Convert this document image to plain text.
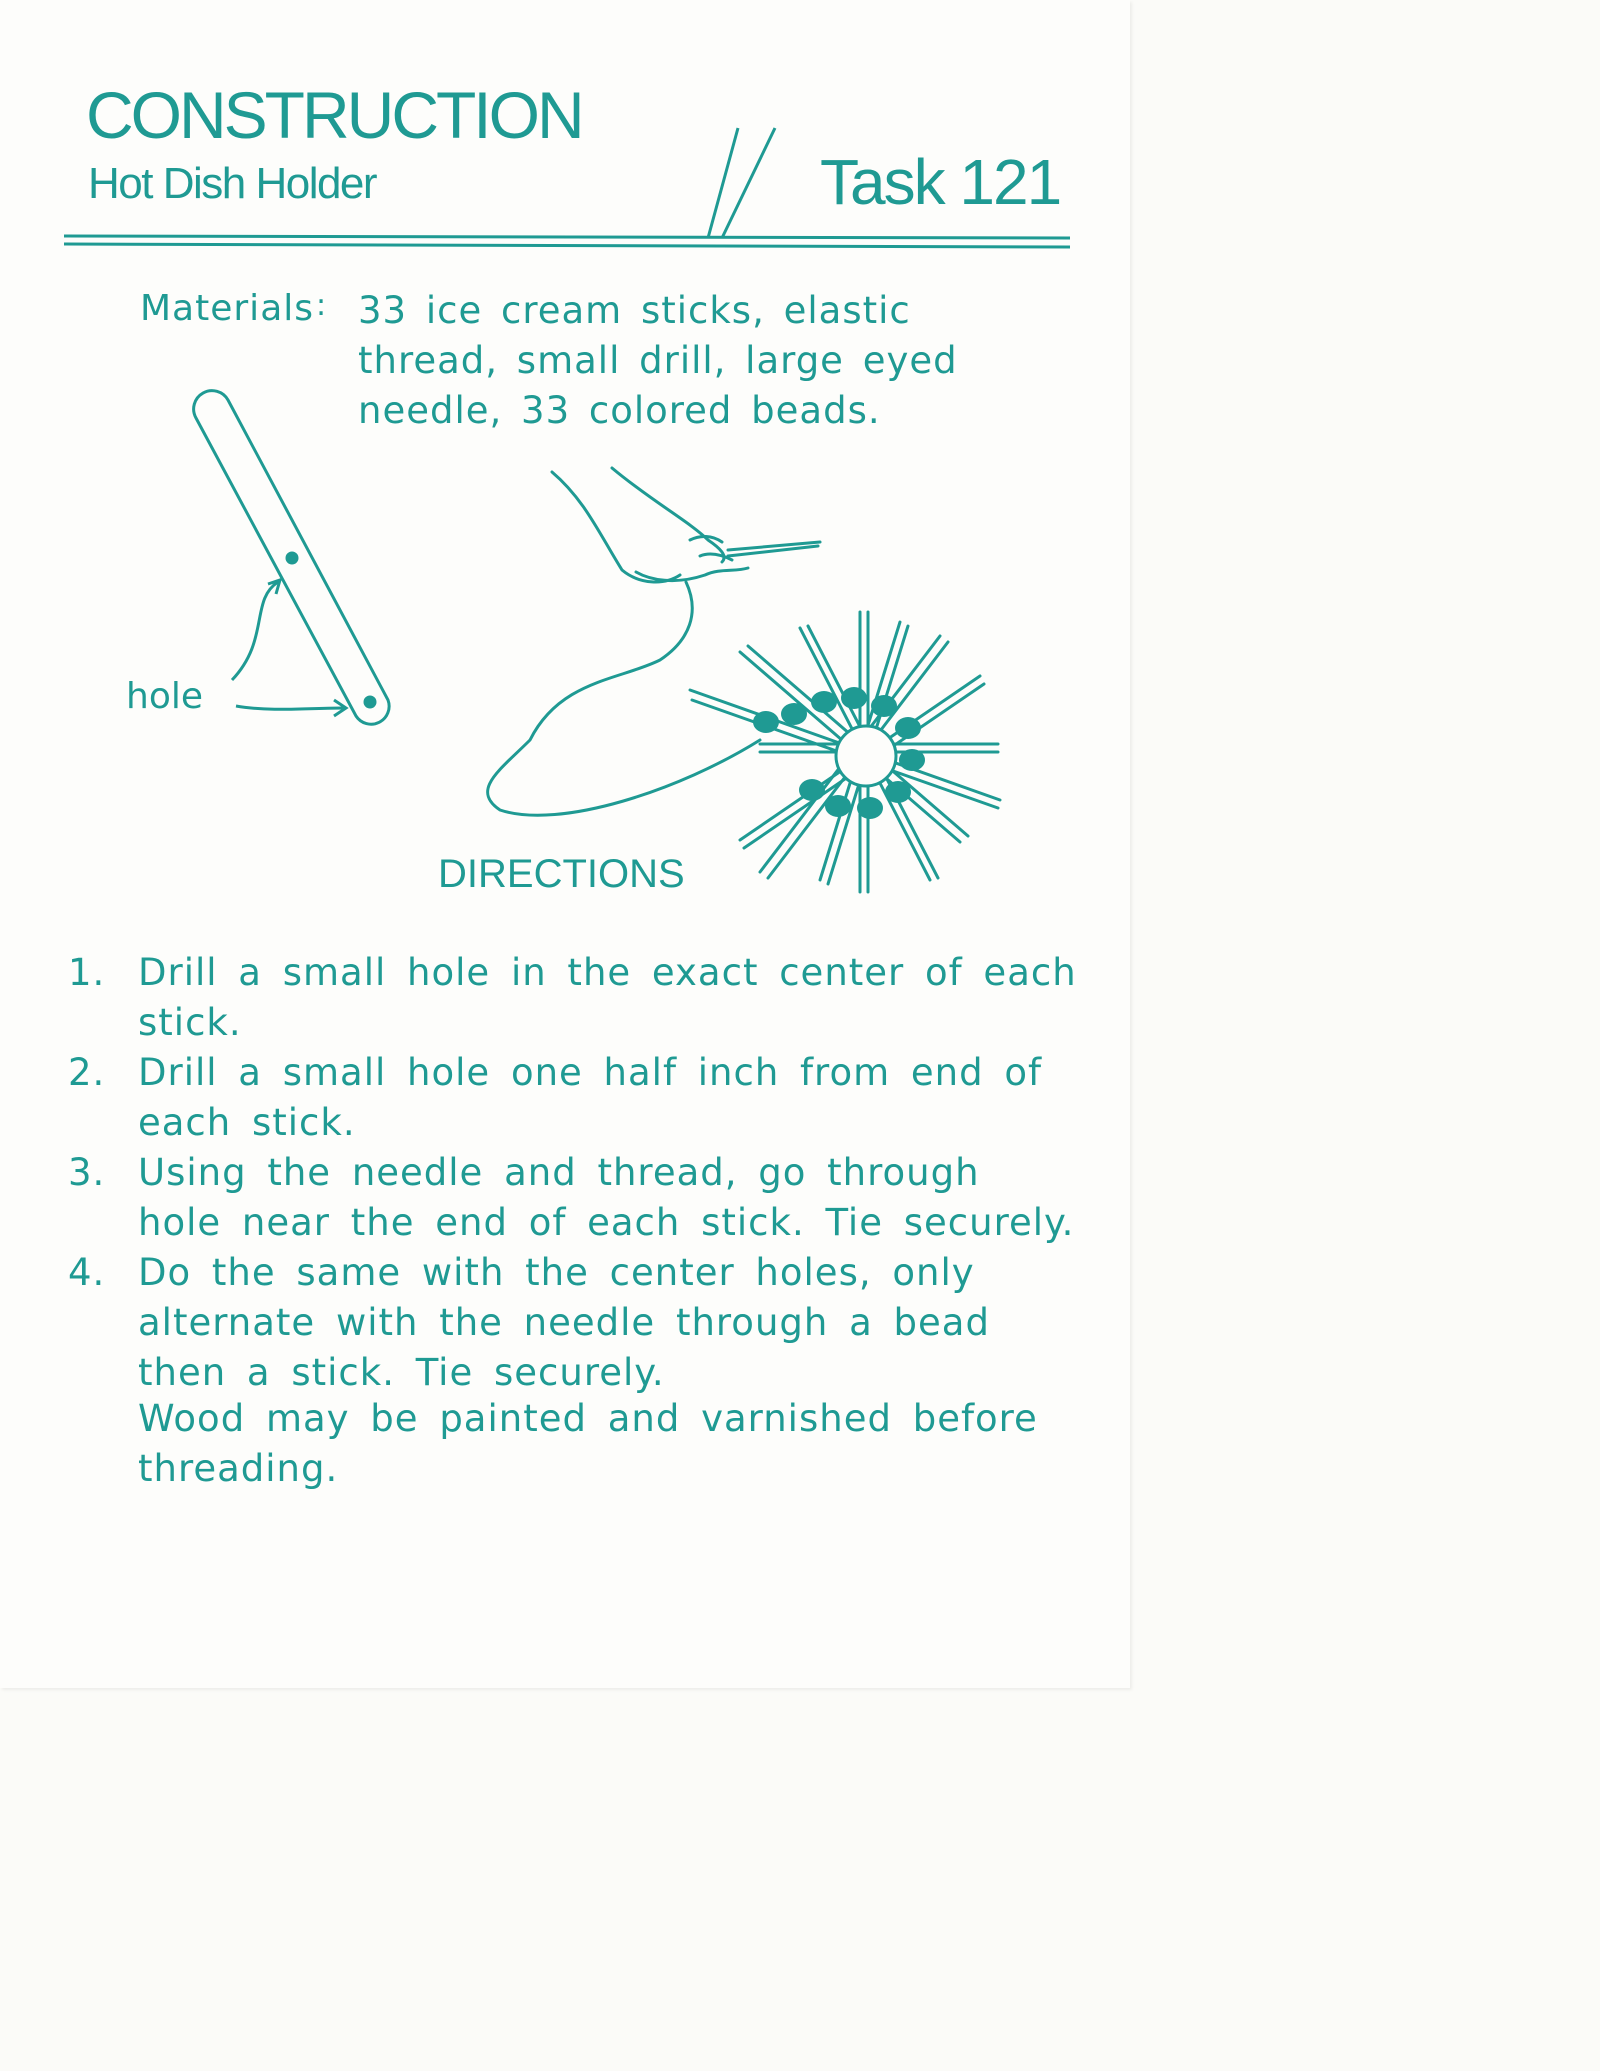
CONSTRUCTION
Hot Dish Holder	Task 121
Materials : 33 ice cream sticks, elastic thread, small drill, large eyed needle, 33 colored beads.
hole
DIRECTIONS
1. Drill a small hole in the exact center of each stick.
2. Drill a small hole one half inch from end of each stick.
3. Using the needle and thread, go through hole near the end of each stick. Tie securely.
4. Do the same with the center holes, only alternate with the needle through a bead then a stick. Tie securely.
Wood may be painted and varnished before threading.
